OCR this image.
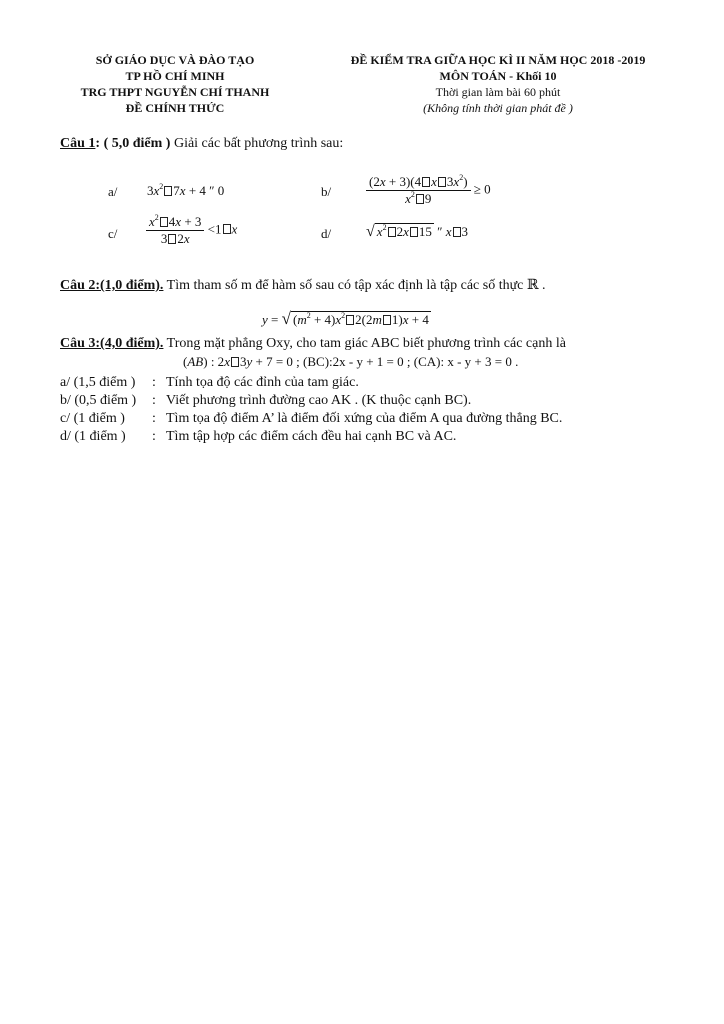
SỞ GIÁO DỤC VÀ ĐÀO TẠO
TP HỒ CHÍ MINH
TRG THPT NGUYỄN CHÍ THANH
ĐỀ CHÍNH THỨC
ĐỀ KIỂM TRA GIỮA HỌC KÌ II NĂM HỌC 2018 -2019
MÔN TOÁN - Khối 10
Thời gian làm bài 60 phút
(Không tính thời gian phát đề )
Câu 1: ( 5,0 điểm ) Giải các bất phương trình sau:
a/ $3x^2$ 7x + 4 ″ 0	b/	$\frac{(2x + 3)(4 x 3x^2)}{x^2 9} \ge 0$
$c/ \frac{x^2 4x + 3}{3 2x} <1$ x	d/ √ $x^2$ 2x 15 ″ x 3
Câu 2:(1,0 điểm). Tìm tham số m để hàm số sau có tập xác định là tập các số thực ℝ .
y = √ $(m^2 + 4)x^2$ 2(2m 1)x + 4
Câu 3:(4,0 điểm). Trong mặt phẳng Oxy, cho tam giác ABC biết phương trình các cạnh là
(AB) : 2x 3y + 7 = 0 ; (BC):2x - y + 1 = 0 ; (CA): x - y + 3 = 0 .
a/ (1,5 điểm ) : Tính tọa độ các đỉnh của tam giác.
b/ (0,5 điểm ) : Viết phương trình đường cao AK . (K thuộc cạnh BC).
c/ (1 điểm ) : Tìm tọa độ điểm A’ là điểm đối xứng của điểm A qua đường thẳng BC.
d/ (1 điểm ) : Tìm tập hợp các điểm cách đều hai cạnh BC và AC.
